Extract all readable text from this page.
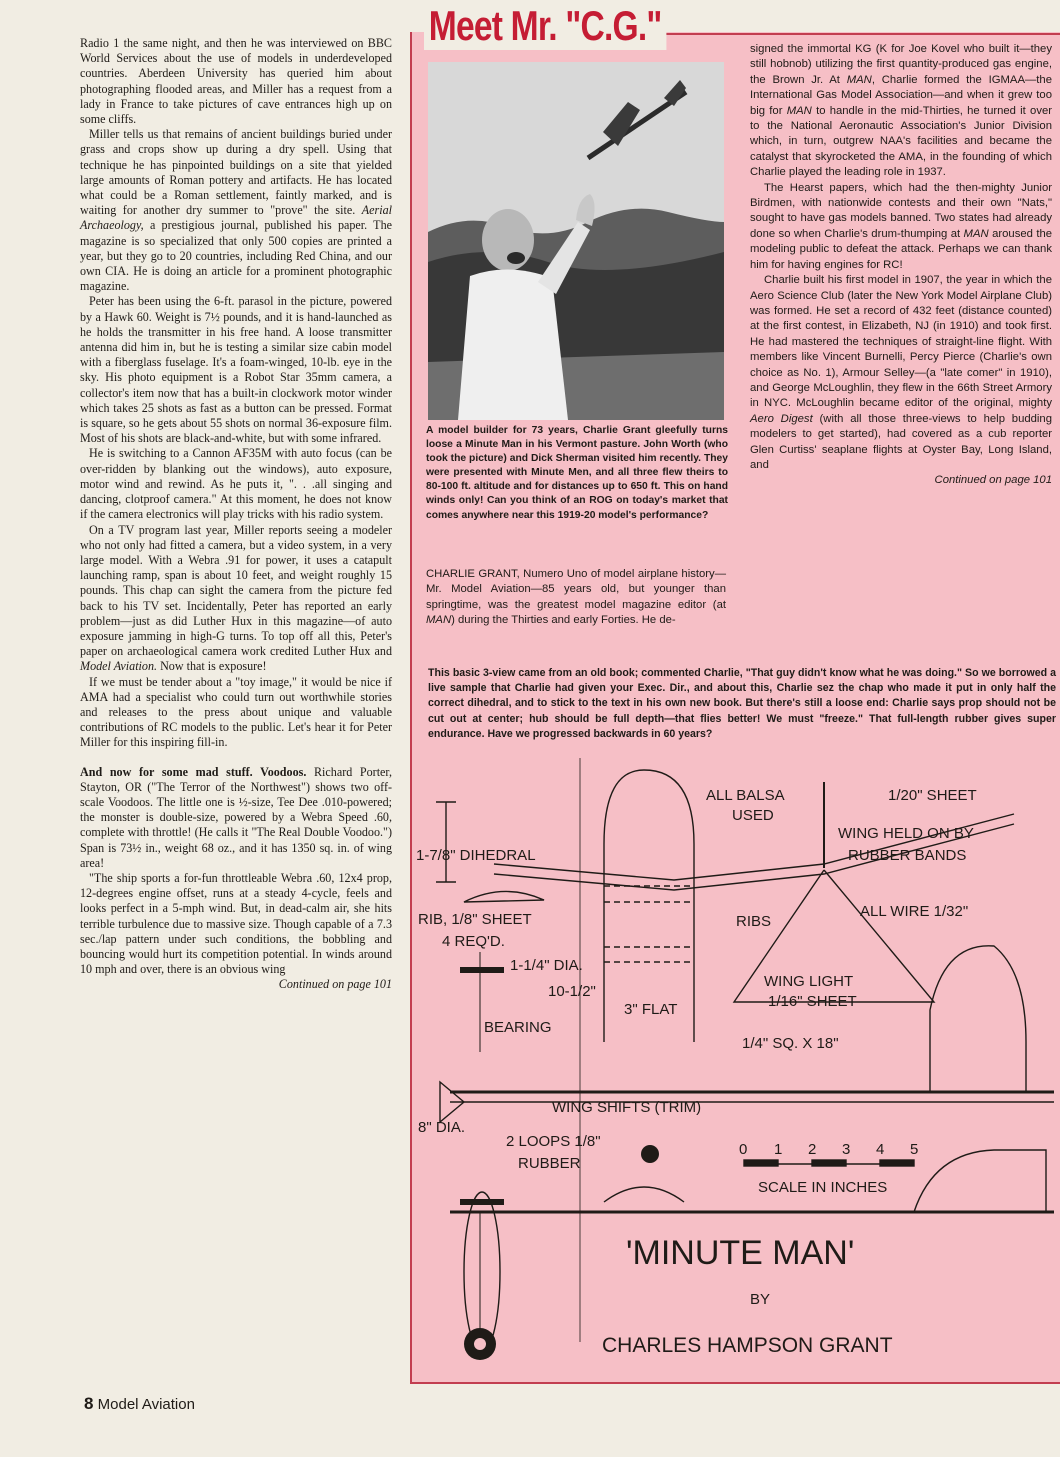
Radio 1 the same night, and then he was interviewed on BBC World Services about the use of models in underdeveloped countries. Aberdeen University has queried him about photographing flooded areas, and Miller has a request from a lady in France to take pictures of cave entrances high up on some cliffs.

Miller tells us that remains of ancient buildings buried under grass and crops show up during a dry spell. Using that technique he has pinpointed buildings on a site that yielded large amounts of Roman pottery and artifacts. He has located what could be a Roman settlement, faintly marked, and is waiting for another dry summer to "prove" the site. Aerial Archaeology, a prestigious journal, published his paper. The magazine is so specialized that only 500 copies are printed a year, but they go to 20 countries, including Red China, and our own CIA. He is doing an article for a prominent photographic magazine.

Peter has been using the 6-ft. parasol in the picture, powered by a Hawk 60. Weight is 7½ pounds, and it is hand-launched as he holds the transmitter in his free hand. A loose transmitter antenna did him in, but he is testing a similar size cabin model with a fiberglass fuselage. It's a foam-winged, 10-lb. eye in the sky. His photo equipment is a Robot Star 35mm camera, a collector's item now that has a built-in clockwork motor winder which takes 25 shots as fast as a button can be pressed. Format is square, so he gets about 55 shots on normal 36-exposure film. Most of his shots are black-and-white, but with some infrared.

He is switching to a Cannon AF35M with auto focus (can be over-ridden by blanking out the windows), auto exposure, motor wind and rewind. As he puts it, ". . .all singing and dancing, clotproof camera." At this moment, he does not know if the camera electronics will play tricks with his radio system.

On a TV program last year, Miller reports seeing a modeler who not only had fitted a camera, but a video system, in a very large model. With a Webra .91 for power, it uses a catapult launching ramp, span is about 10 feet, and weight roughly 15 pounds. This chap can sight the camera from the picture fed back to his TV set. Incidentally, Peter has reported an early problem—just as did Luther Hux in this magazine—of auto exposure jamming in high-G turns. To top off all this, Peter's paper on archaeological camera work credited Luther Hux and Model Aviation. Now that is exposure!

If we must be tender about a "toy image," it would be nice if AMA had a specialist who could turn out worthwhile stories and releases to the press about unique and valuable contributions of RC models to the public. Let's hear it for Peter Miller for this inspiring fill-in.

And now for some mad stuff. Voodoos. Richard Porter, Stayton, OR ("The Terror of the Northwest") shows two off-scale Voodoos. The little one is ½-size, Tee Dee .010-powered; the monster is double-size, powered by a Webra Speed .60, complete with throttle! (He calls it "The Real Double Voodoo.") Span is 73½ in., weight 68 oz., and it has 1350 sq. in. of wing area!

"The ship sports a for-fun throttleable Webra .60, 12x4 prop, 12-degrees engine offset, runs at a steady 4-cycle, feels and looks perfect in a 5-mph wind. But, in dead-calm air, she hits terrible turbulence due to massive size. Though capable of a 7.3 sec./lap pattern under such conditions, the bobbling and bouncing would hurt its competition potential. In winds around 10 mph and over, there is an obvious wing

Continued on page 101

8 Model Aviation
Meet Mr. "C.G."
A model builder for 73 years, Charlie Grant gleefully turns loose a Minute Man in his Vermont pasture. John Worth (who took the picture) and Dick Sherman visited him recently. They were presented with Minute Men, and all three flew theirs to 80-100 ft. altitude and for distances up to 650 ft. This on hand winds only! Can you think of an ROG on today's market that comes anywhere near this 1919-20 model's performance?

CHARLIE GRANT, Numero Uno of model airplane history—Mr. Model Aviation—85 years old, but younger than springtime, was the greatest model magazine editor (at MAN) during the Thirties and early Forties. He de-

signed the immortal KG (K for Joe Kovel who built it—they still hobnob) utilizing the first quantity-produced gas engine, the Brown Jr. At MAN, Charlie formed the IGMAA—the International Gas Model Association—and when it grew too big for MAN to handle in the mid-Thirties, he turned it over to the National Aeronautic Association's Junior Division which, in turn, outgrew NAA's facilities and became the catalyst that skyrocketed the AMA, in the founding of which Charlie played the leading role in 1937.

The Hearst papers, which had the then-mighty Junior Birdmen, with nationwide contests and their own "Nats," sought to have gas models banned. Two states had already done so when Charlie's drum-thumping at MAN aroused the modeling public to defeat the attack. Perhaps we can thank him for having engines for RC!

Charlie built his first model in 1907, the year in which the Aero Science Club (later the New York Model Airplane Club) was formed. He set a record of 432 feet (distance counted) at the first contest, in Elizabeth, NJ (in 1910) and took first. He had mastered the techniques of straight-line flight. With members like Vincent Burnelli, Percy Pierce (Charlie's own choice as No. 1), Armour Selley—(a "late comer" in 1910), and George McLoughlin, they flew in the 66th Street Armory in NYC. McLoughlin became editor of the original, mighty Aero Digest (with all those three-views to help budding modelers to get started), had covered as a cub reporter Glen Curtiss' seaplane flights at Oyster Bay, Long Island, and

Continued on page 101

This basic 3-view came from an old book; commented Charlie, "That guy didn't know what he was doing." So we borrowed a live sample that Charlie had given your Exec. Dir., and about this, Charlie sez the chap who made it put in only half the correct dihedral, and to stick to the text in his own new book. But there's still a loose end: Charlie says prop should not be cut out at center; hub should be full depth—that flies better! We must "freeze." That full-length rubber gives super endurance. Have we progressed backwards in 60 years?
ALL BALSA
USED
1/20" SHEET
WING HELD ON BY
RUBBER BANDS
1-7/8" DIHEDRAL
ALL WIRE 1/32"
RIB, 1/8" SHEET
4 REQ'D.
RIBS
1-1/4" DIA.
10-1/2"
3" FLAT
WING LIGHT
1/16" SHEET
BEARING
1/4" SQ. X 18"
WING SHIFTS (TRIM)
8" DIA.
2 LOOPS 1/8"
RUBBER
0 1 2 3 4 5
SCALE IN INCHES
'MINUTE MAN'
BY
CHARLES HAMPSON GRANT
